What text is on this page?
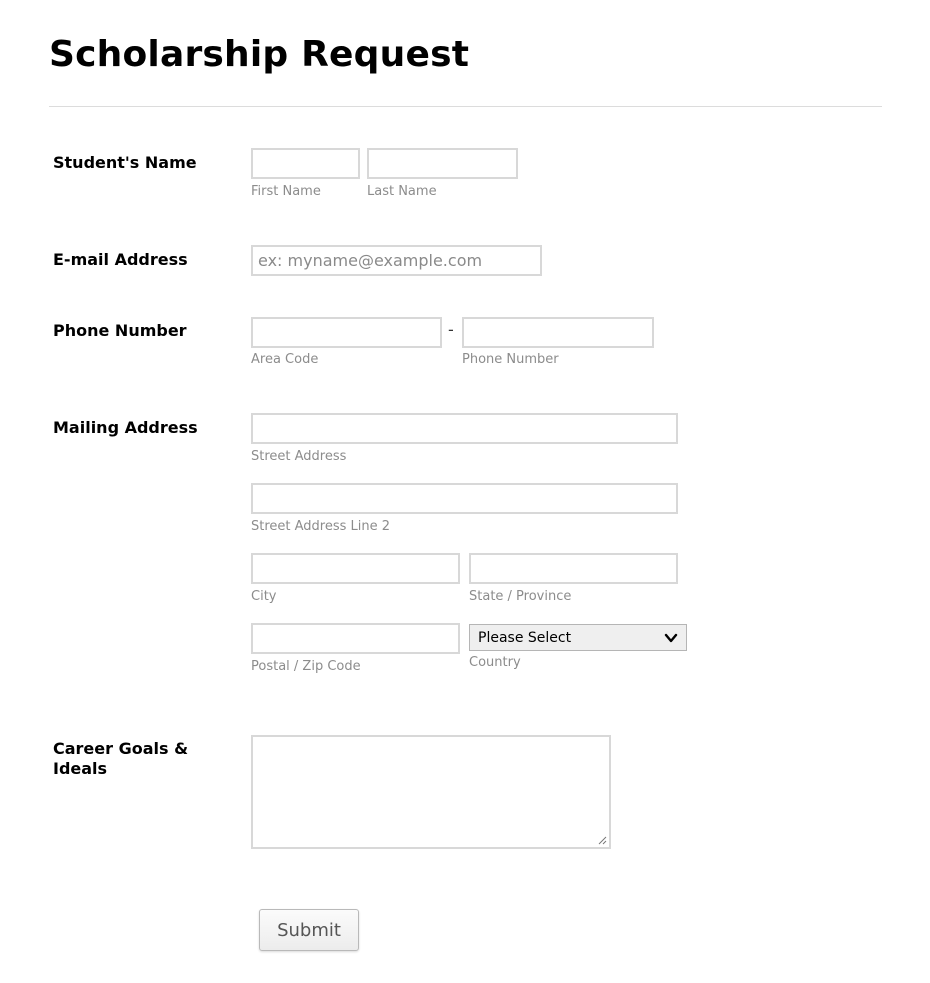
Scholarship Request
Student's Name
First Name	Last Name
E-mail Address
ex: myname@example.com
Phone Number	-
Area Code	Phone Number
Mailing Address
Street Address
Street Address Line 2
City	State / Province
Please Select
Postal / Zip Code	Country
Career Goals & Ideals
Submit
